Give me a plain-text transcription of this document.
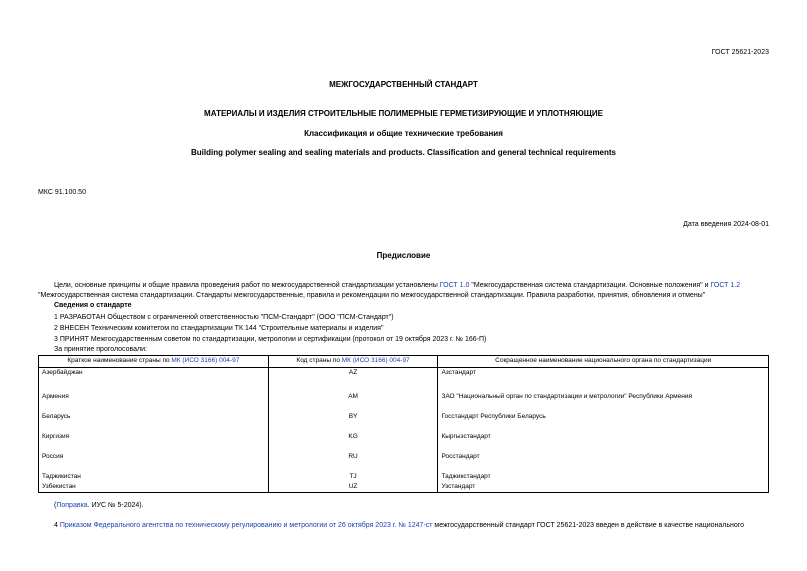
ГОСТ 25621-2023
МЕЖГОСУДАРСТВЕННЫЙ СТАНДАРТ
МАТЕРИАЛЫ И ИЗДЕЛИЯ СТРОИТЕЛЬНЫЕ ПОЛИМЕРНЫЕ ГЕРМЕТИЗИРУЮЩИЕ И УПЛОТНЯЮЩИЕ
Классификация и общие технические требования
Building polymer sealing and sealing materials and products. Classification and general technical requirements
МКС 91.100.50
Дата введения 2024-08-01
Предисловие
Цели, основные принципы и общие правила проведения работ по межгосударственной стандартизации установлены ГОСТ 1.0 "Межгосударственная система стандартизации. Основные положения" и ГОСТ 1.2 "Межгосударственная система стандартизации. Стандарты межгосударственные, правила и рекомендации по межгосударственной стандартизации. Правила разработки, принятия, обновления и отмены"
Сведения о стандарте
1 РАЗРАБОТАН Обществом с ограниченной ответственностью "ПСМ-Стандарт" (ООО "ПСМ-Стандарт")
2 ВНЕСЕН Техническим комитетом по стандартизации ТК 144 "Строительные материалы и изделия"
3 ПРИНЯТ Межгосударственным советом по стандартизации, метрологии и сертификации (протокол от 19 октября 2023 г. № 166-П)
За принятие проголосовали:
Краткое наименование страны по МК (ИСО 3166) 004-97	Код страны по МК (ИСО 3166) 004-97	Сокращенное наименование национального органа по стандартизации
Азербайджан	AZ	Азстандарт
Армения	AM	ЗАО "Национальный орган по стандартизации и метрологии" Республики Армения
Беларусь	BY	Госстандарт Республики Беларусь
Киргизия	KG	Кыргызстандарт
Россия	RU	Росстандарт
Таджикистан	TJ	Таджикстандарт
Узбекистан	UZ	Узстандарт
(Поправка. ИУС № 5-2024).
4 Приказом Федерального агентства по техническому регулированию и метрологии от 26 октября 2023 г. № 1247-ст межгосударственный стандарт ГОСТ 25621-2023 введен в действие в качестве национального
